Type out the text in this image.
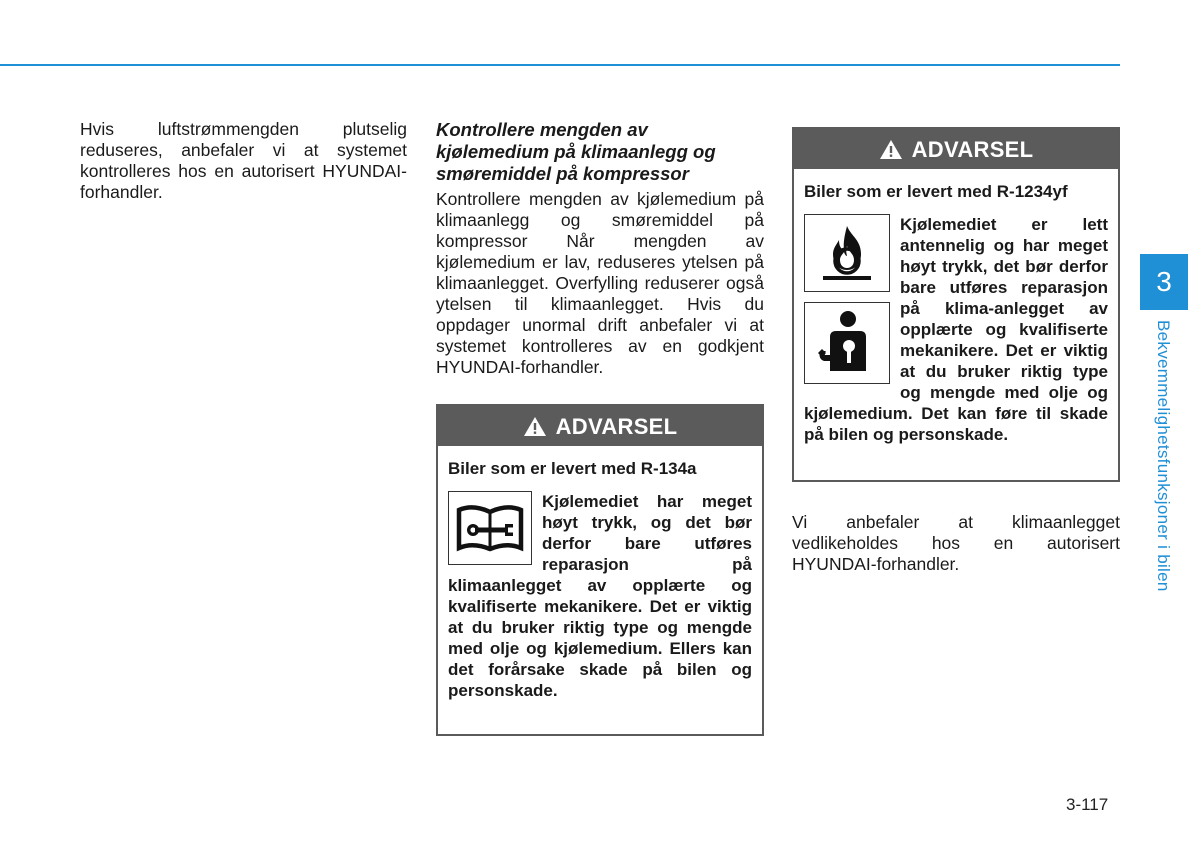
Hvis luftstrømmengden plutselig reduseres, anbefaler vi at systemet kontrolleres hos en autorisert HYUNDAI-forhandler.

Kontrollere mengden av kjølemedium på klimaanlegg og smøremiddel på kompressor

Kontrollere mengden av kjølemedium på klimaanlegg og smøremiddel på kompressor Når mengden av kjølemedium er lav, reduseres ytelsen på klimaanlegget. Overfylling reduserer også ytelsen til klimaanlegget. Hvis du oppdager unormal drift anbefaler vi at systemet kontrolleres av en godkjent HYUNDAI-forhandler.

ADVARSEL
Biler som er levert med R-134a
Kjølemediet har meget høyt trykk, og det bør derfor bare utføres reparasjon på klimaanlegget av opplærte og kvalifiserte mekanikere. Det er viktig at du bruker riktig type og mengde med olje og kjølemedium. Ellers kan det forårsake skade på bilen og personskade.
ADVARSEL
Biler som er levert med R-1234yf
Kjølemediet er lett antennelig og har meget høyt trykk, det bør derfor bare utføres reparasjon på klima-anlegget av opplærte og kvalifiserte mekanikere. Det er viktig at du bruker riktig type og mengde med olje og kjølemedium. Det kan føre til skade på bilen og personskade.

Vi anbefaler at klimaanlegget vedlikeholdes hos en autorisert HYUNDAI-forhandler.

3
Bekvemmelighetsfunksjoner i bilen
3-117
